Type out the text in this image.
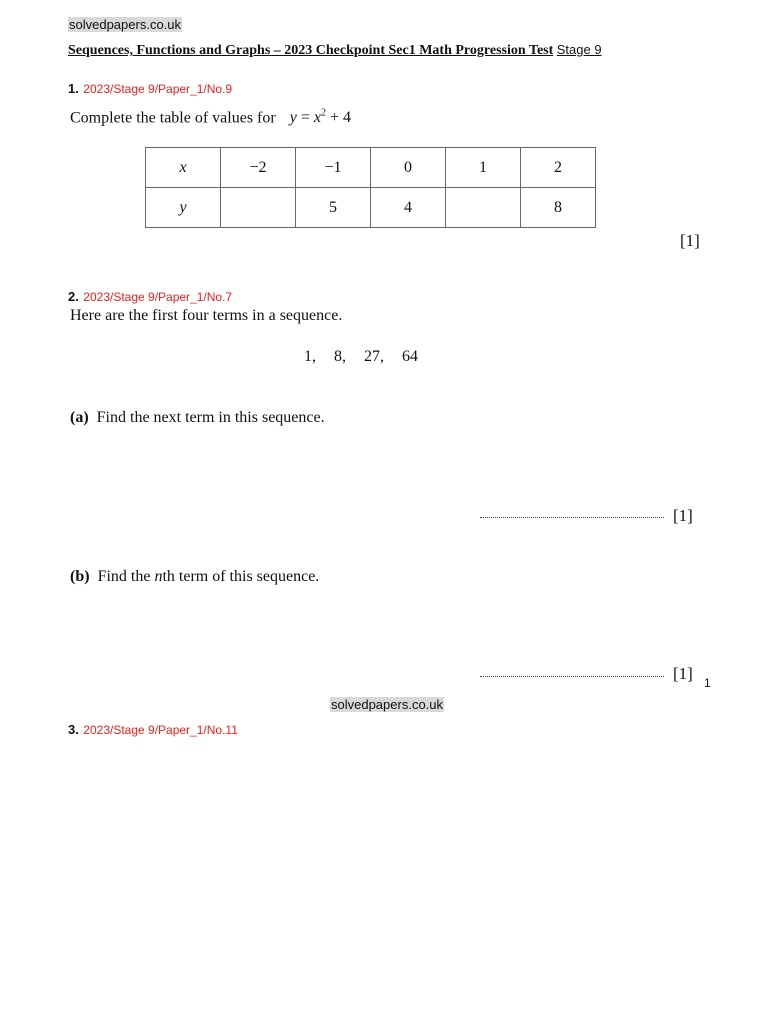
solvedpapers.co.uk
Sequences, Functions and Graphs – 2023 Checkpoint Sec1 Math Progression Test Stage 9
1. 2023/Stage 9/Paper_1/No.9
Complete the table of values for $y = x^2 + 4$
x	−2	−1	0	1	2
y		5	4		8
[1]
2. 2023/Stage 9/Paper_1/No.7
Here are the first four terms in a sequence.
1, 8, 27, 64
(a) Find the next term in this sequence.
[1]
(b) Find the nth term of this sequence.
[1] 1
solvedpapers.co.uk
3. 2023/Stage 9/Paper_1/No.11
